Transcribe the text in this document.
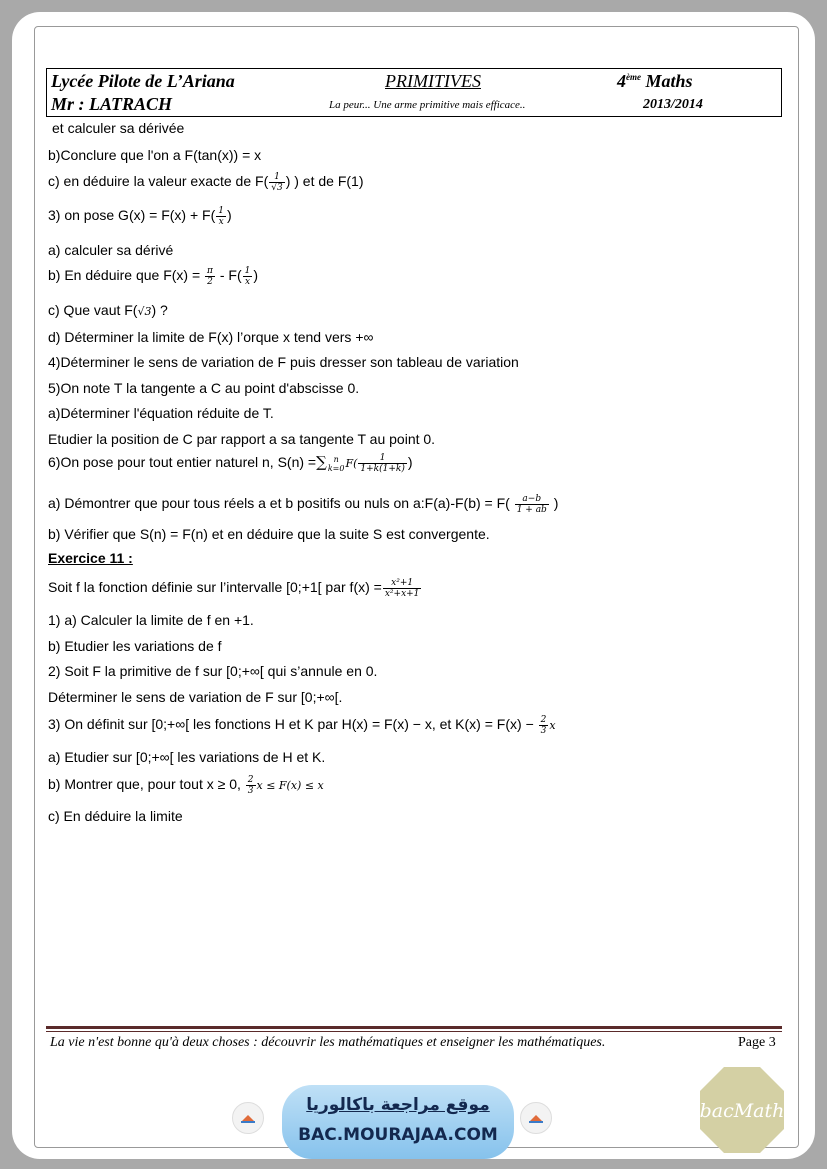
Lycée Pilote de L’Ariana
Mr : LATRACH
PRIMITIVES
La peur... Une arme primitive mais efficace..
4ème Maths
2013/2014
et calculer sa dérivée
b)Conclure que l'on a F(tan(x)) = x
c) en déduire la valeur exacte de $F( \frac{1}{√3}$ ) ) et de F(1)
3) on pose $G(x) = F(x) + F( \frac{1}{x}$ )
a) calculer sa dérivé
b) En déduire que $F(x) = \frac{\pi}{2} - F( \frac{1}{x}$ )
c) Que vaut F(√3) ?
d) Déterminer la limite de F(x) l’orque x tend vers +∞
4)Déterminer le sens de variation de F puis dresser son tableau de variation
5)On note T la tangente a C au point d'abscisse 0.
a)Déterminer l'équation réduite de T.
Etudier la position de C par rapport a sa tangente T au point 0.
6)On pose pour tout entier naturel n, S(n) =∑ n
k=0 $F( \frac{1}{1+k(1+k)}$ )
a) Démontrer que pour tous réels a et b positifs ou nuls on a:F(a)-F(b) = $F( \frac{a-b}{1 + ab}$ )
b) Vérifier que S(n) = F(n) et en déduire que la suite S est convergente.
Exercice 11 :
Soit f la fonction définie sur l’intervalle [0;+1[ par $f(x) = \frac{\text{x²+1}}{\text{x²+x+1}}$
1) a) Calculer la limite de f en +1.
b) Etudier les variations de f
2) Soit F la primitive de f sur [0;+∞[ qui s’annule en 0.
Déterminer le sens de variation de F sur [0;+∞[.
3) On définit sur [0;+∞[ les fonctions H et K par H(x) = F(x) − x, et $K(x) = F(x) - \frac{2}{3}$ x
a) Etudier sur [0;+∞[ les variations de H et K.
b) Montrer que, pour tout x ≥ 0, $\frac{2}{3}$ x ≤ F(x) ≤ x
c) En déduire la limite
La vie n'est bonne qu'à deux choses : découvrir les mathématiques et enseigner les mathématiques.	Page 3
موقع مراجعة باكالوريا
BAC.MOURAJAA.COM
bacMath
